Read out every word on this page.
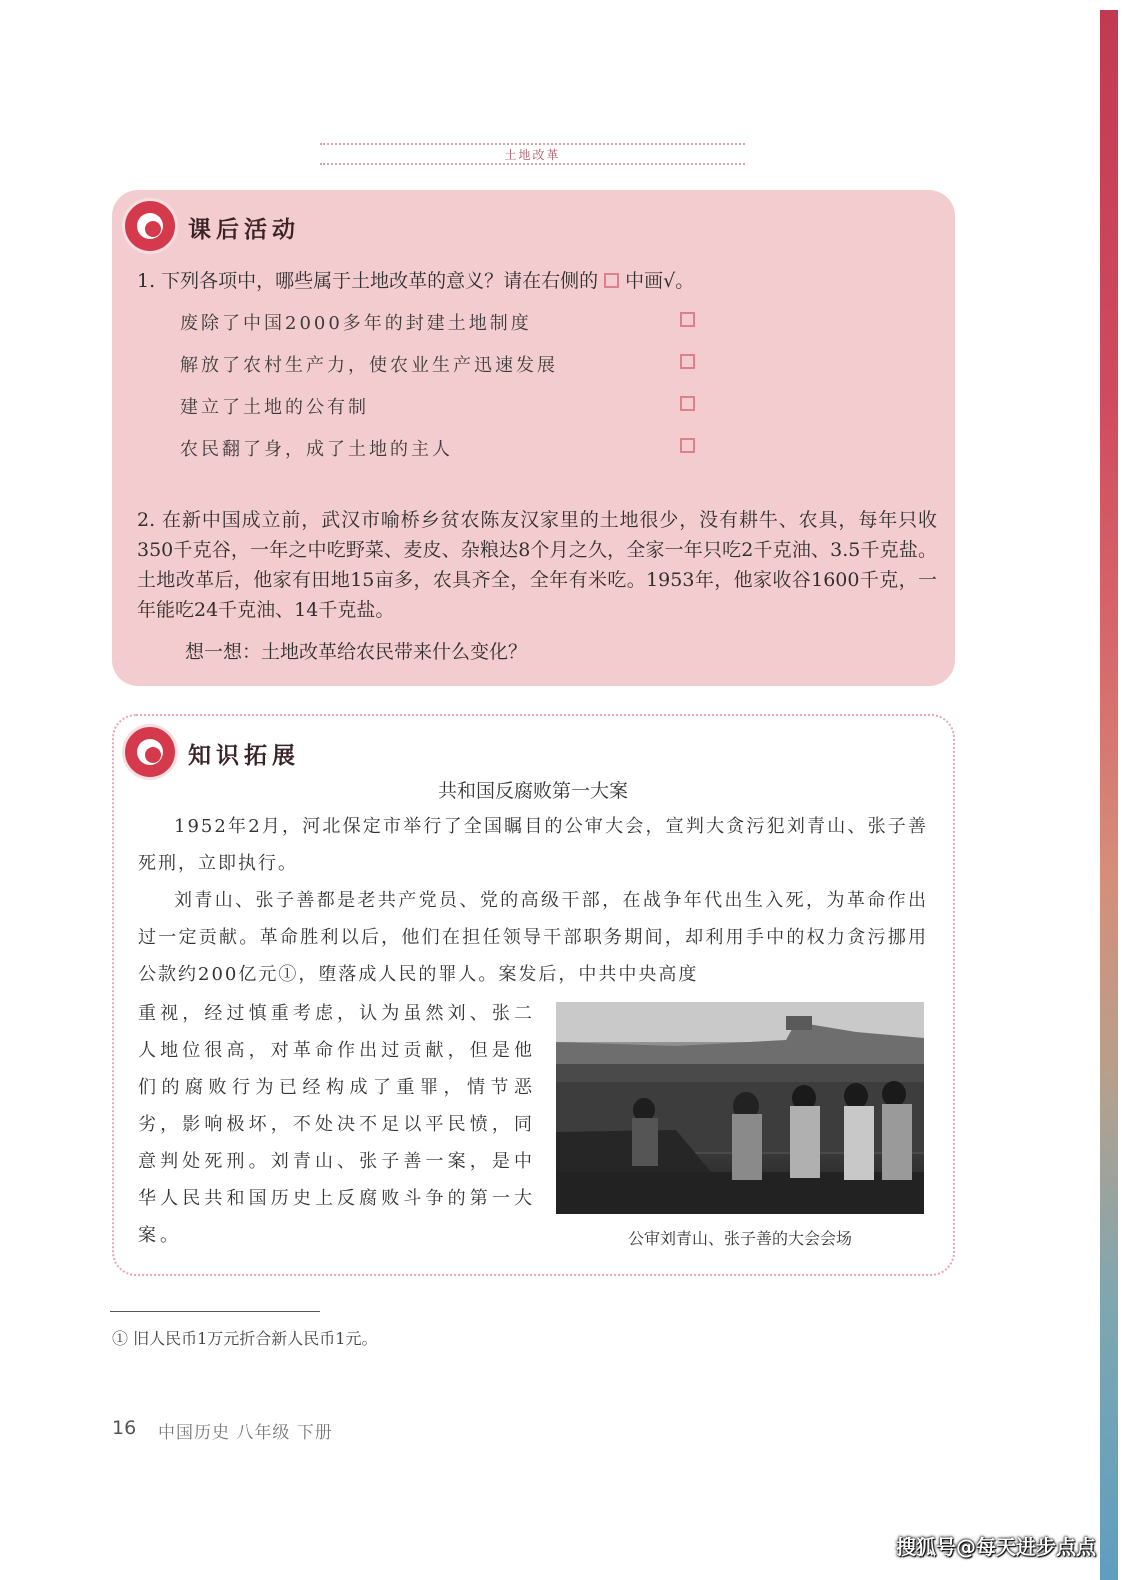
土地改革
课后活动
1. 下列各项中，哪些属于土地改革的意义？请在右侧的 中画√。
废除了中国2000多年的封建土地制度
解放了农村生产力，使农业生产迅速发展
建立了土地的公有制
农民翻了身，成了土地的主人
2. 在新中国成立前，武汉市喻桥乡贫农陈友汉家里的土地很少，没有耕牛、农具，每年只收350千克谷，一年之中吃野菜、麦皮、杂粮达8个月之久，全家一年只吃2千克油、3.5千克盐。土地改革后，他家有田地15亩多，农具齐全，全年有米吃。1953年，他家收谷1600千克，一年能吃24千克油、14千克盐。
想一想：土地改革给农民带来什么变化？
知识拓展
共和国反腐败第一大案

1952年2月，河北保定市举行了全国瞩目的公审大会，宣判大贪污犯刘青山、张子善死刑，立即执行。

刘青山、张子善都是老共产党员、党的高级干部，在战争年代出生入死，为革命作出过一定贡献。革命胜利以后，他们在担任领导干部职务期间，却利用手中的权力贪污挪用公款约200亿元①，堕落成人民的罪人。案发后，中共中央高度

重视，经过慎重考虑，认为虽然刘、张二人地位很高，对革命作出过贡献，但是他们的腐败行为已经构成了重罪，情节恶劣，影响极坏，不处决不足以平民愤，同意判处死刑。刘青山、张子善一案，是中华人民共和国历史上反腐败斗争的第一大案。	公审刘青山、张子善的大会会场
① 旧人民币1万元折合新人民币1元。
16 中国历史 八年级 下册
搜狐号@每天进步点点
